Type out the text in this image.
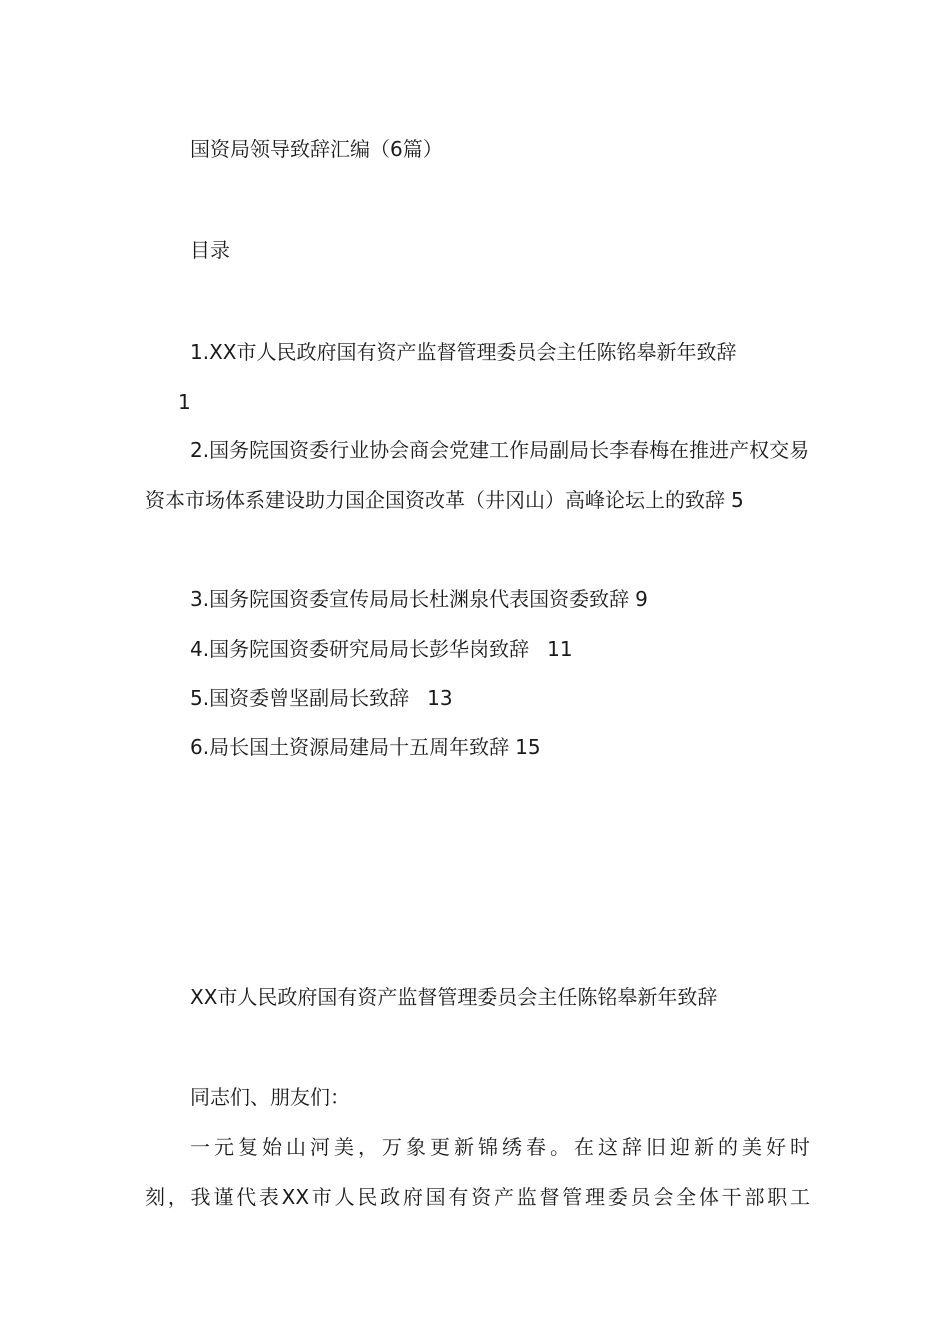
国资局领导致辞汇编（6篇）
目录
1.XX市人民政府国有资产监督管理委员会主任陈铭皋新年致辞
1
2.国务院国资委行业协会商会党建工作局副局长李春梅在推进产权交易资本市场体系建设助力国企国资改革（井冈山）高峰论坛上的致辞 5
3.国务院国资委宣传局局长杜渊泉代表国资委致辞 9
4.国务院国资委研究局局长彭华岗致辞 11
5.国资委曾坚副局长致辞 13
6.局长国土资源局建局十五周年致辞 15
XX市人民政府国有资产监督管理委员会主任陈铭皋新年致辞
同志们、朋友们：
一元复始山河美，万象更新锦绣春。在这辞旧迎新的美好时
刻，我谨代表XX市人民政府国有资产监督管理委员会全体干部职工
